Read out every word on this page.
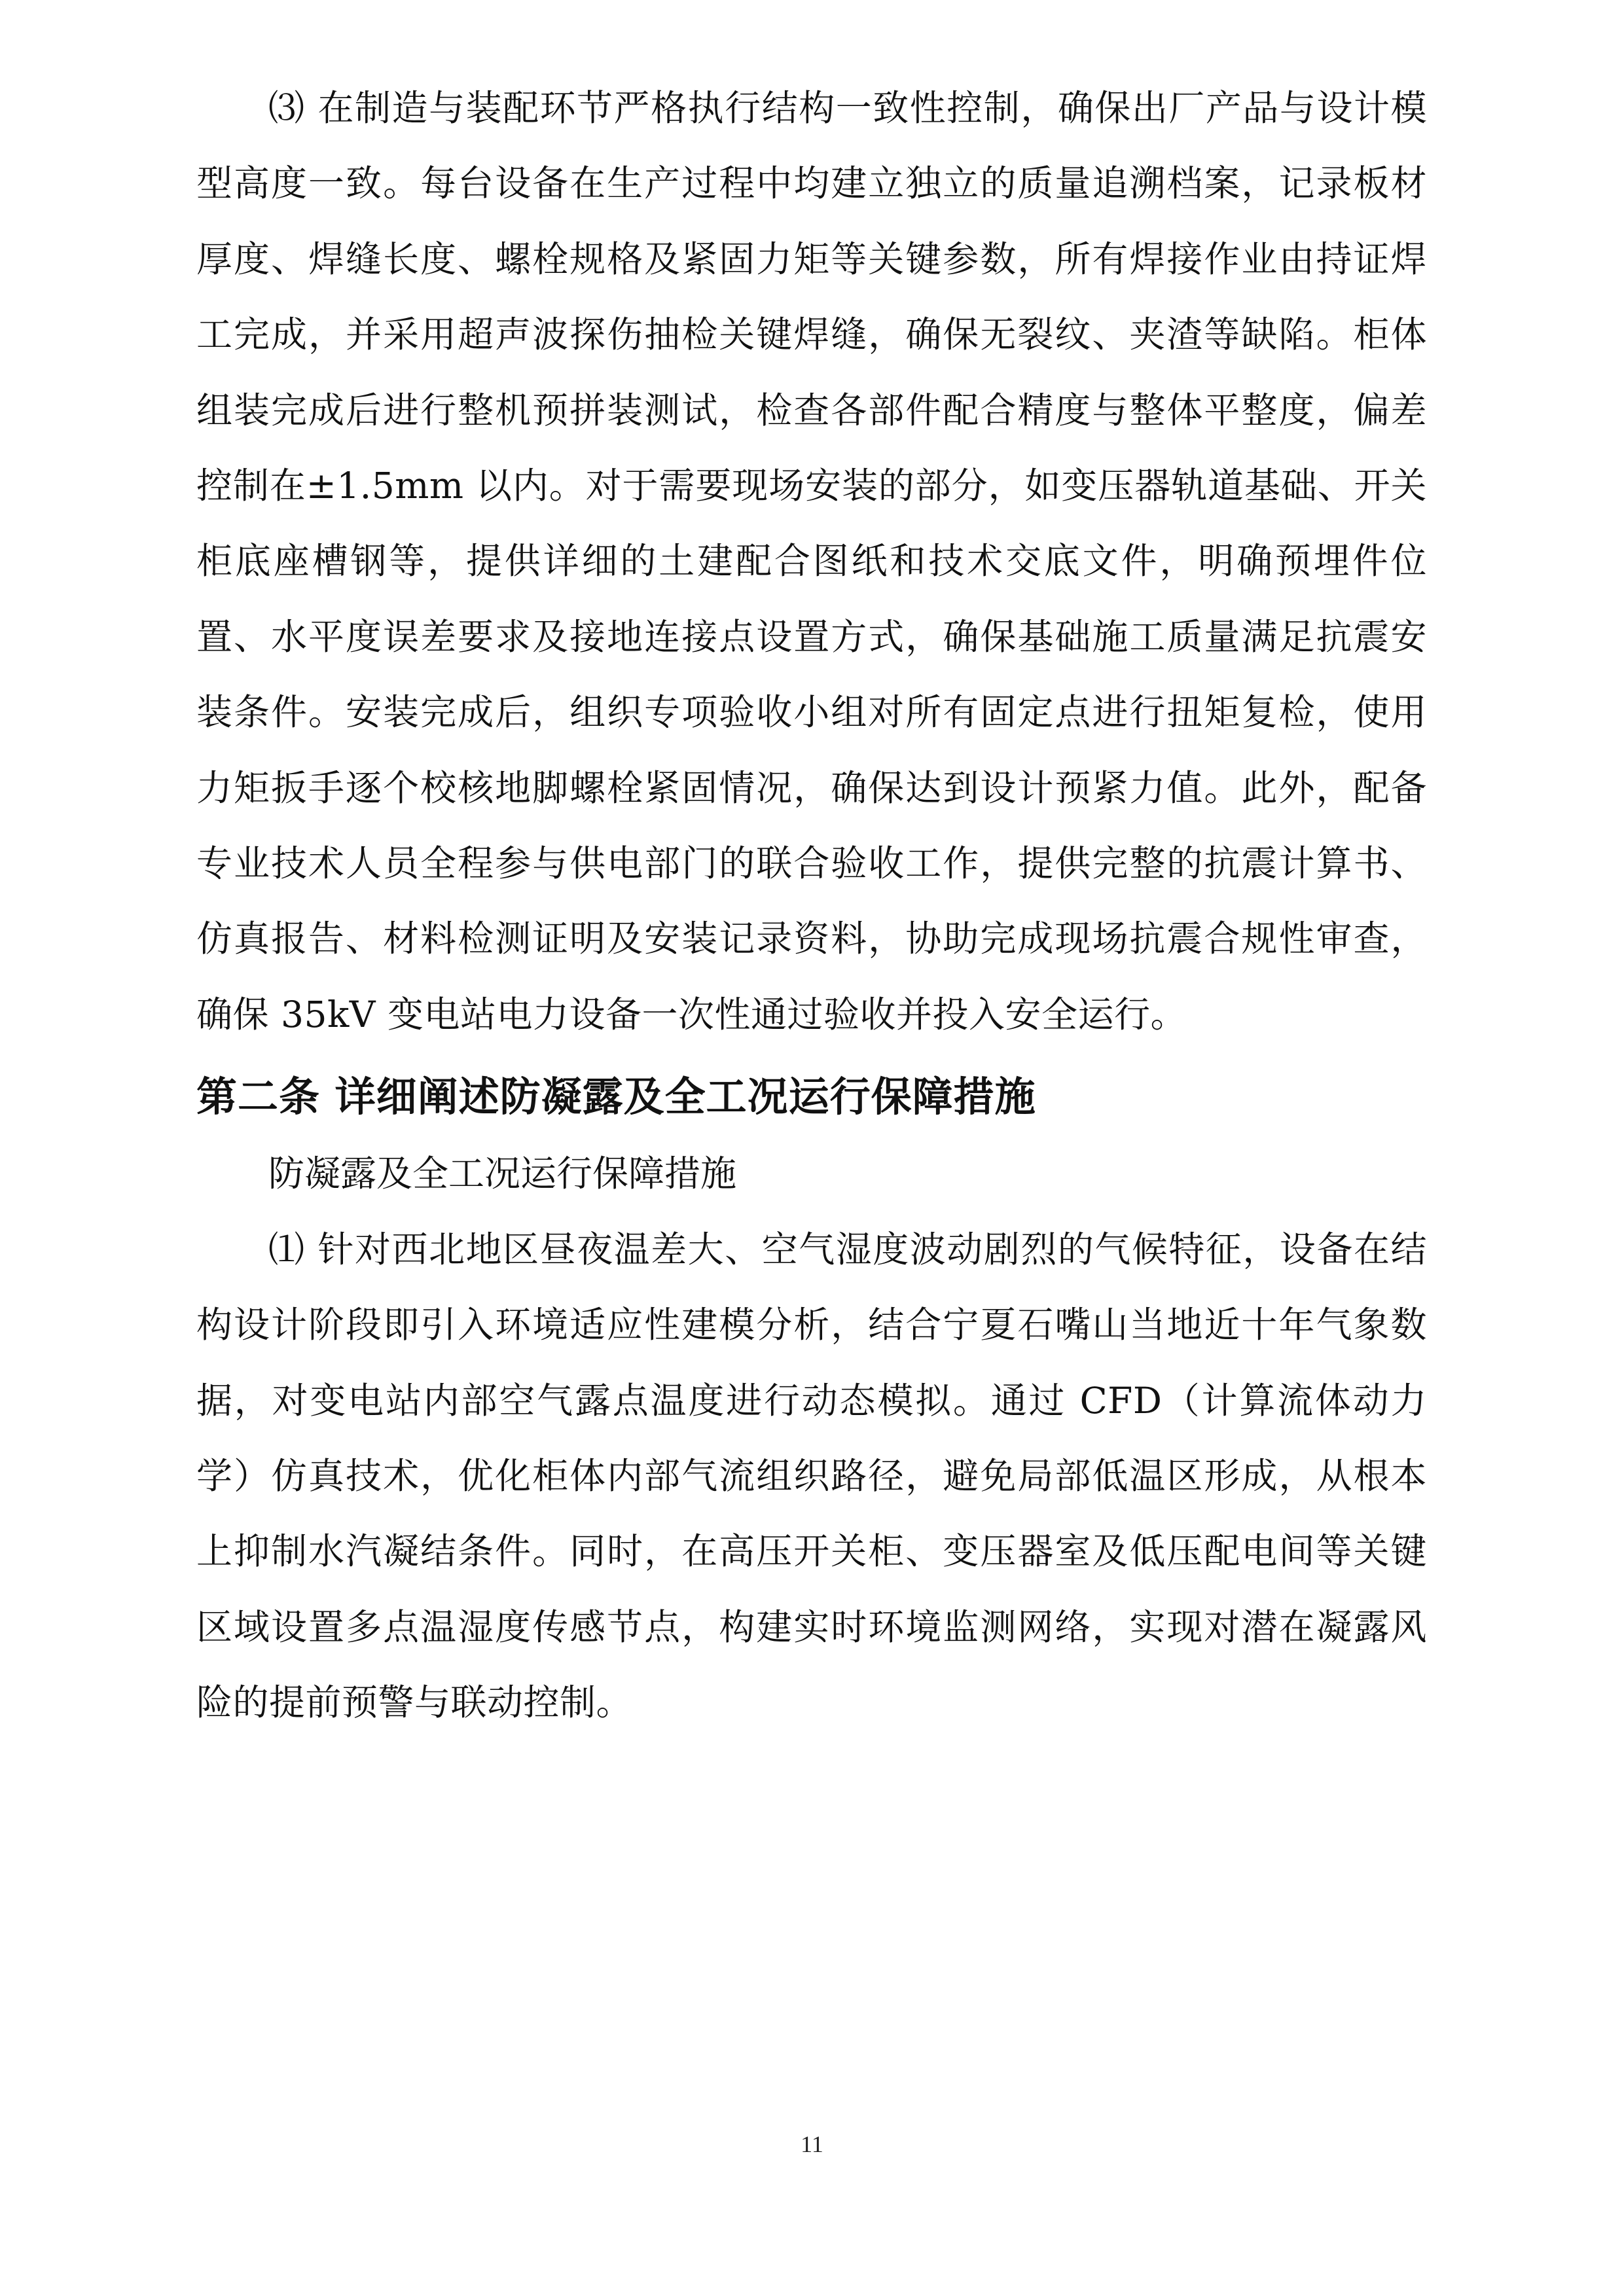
⑶ 在制造与装配环节严格执行结构一致性控制，确保出厂产品与设计模型高度一致。每台设备在生产过程中均建立独立的质量追溯档案，记录板材厚度、焊缝长度、螺栓规格及紧固力矩等关键参数，所有焊接作业由持证焊工完成，并采用超声波探伤抽检关键焊缝，确保无裂纹、夹渣等缺陷。柜体组装完成后进行整机预拼装测试，检查各部件配合精度与整体平整度，偏差控制在±1.5mm 以内。对于需要现场安装的部分，如变压器轨道基础、开关柜底座槽钢等，提供详细的土建配合图纸和技术交底文件，明确预埋件位置、水平度误差要求及接地连接点设置方式，确保基础施工质量满足抗震安装条件。安装完成后，组织专项验收小组对所有固定点进行扭矩复检，使用力矩扳手逐个校核地脚螺栓紧固情况，确保达到设计预紧力值。此外，配备专业技术人员全程参与供电部门的联合验收工作，提供完整的抗震计算书、仿真报告、材料检测证明及安装记录资料，协助完成现场抗震合规性审查，确保 35kV 变电站电力设备一次性通过验收并投入安全运行。

第二条 详细阐述防凝露及全工况运行保障措施

防凝露及全工况运行保障措施

⑴ 针对西北地区昼夜温差大、空气湿度波动剧烈的气候特征，设备在结构设计阶段即引入环境适应性建模分析，结合宁夏石嘴山当地近十年气象数据，对变电站内部空气露点温度进行动态模拟。通过 CFD（计算流体动力学）仿真技术，优化柜体内部气流组织路径，避免局部低温区形成，从根本上抑制水汽凝结条件。同时，在高压开关柜、变压器室及低压配电间等关键区域设置多点温湿度传感节点，构建实时环境监测网络，实现对潜在凝露风险的提前预警与联动控制。

11
